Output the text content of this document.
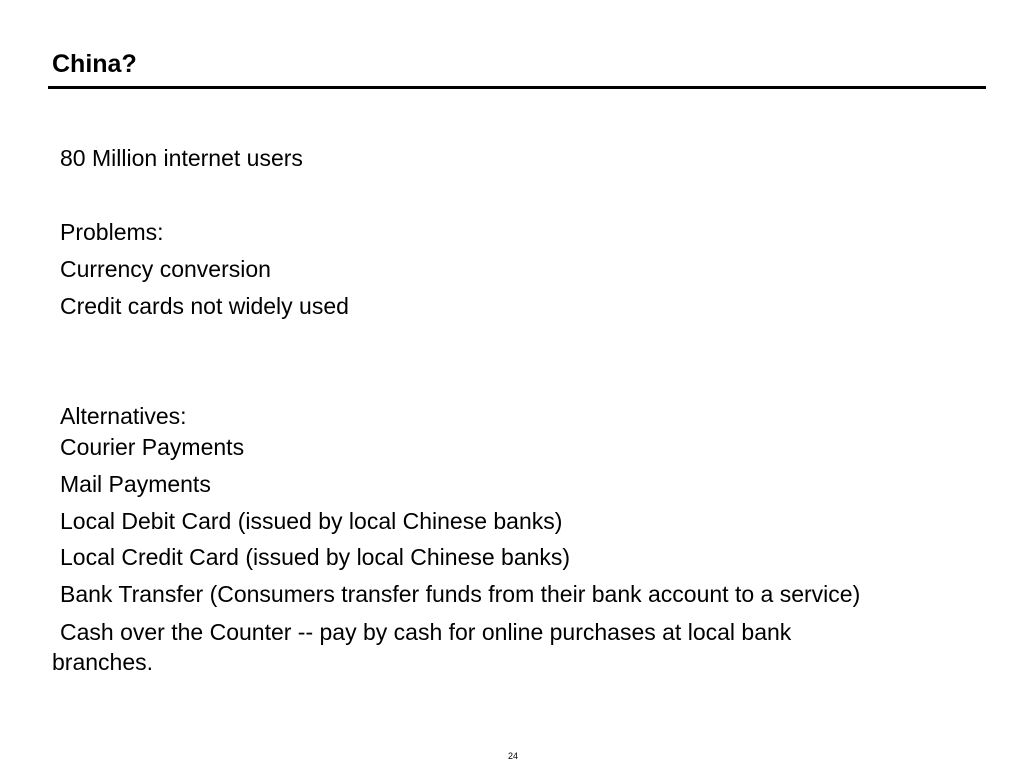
China?

80 Million internet users

Problems:

Currency conversion

Credit cards not widely used

Alternatives:

Courier Payments

Mail Payments

Local Debit Card (issued by local Chinese banks)

Local Credit Card (issued by local Chinese banks)

Bank Transfer (Consumers transfer funds from their bank account to a service)

Cash over the Counter -- pay by cash for online purchases at local bank branches.

24
